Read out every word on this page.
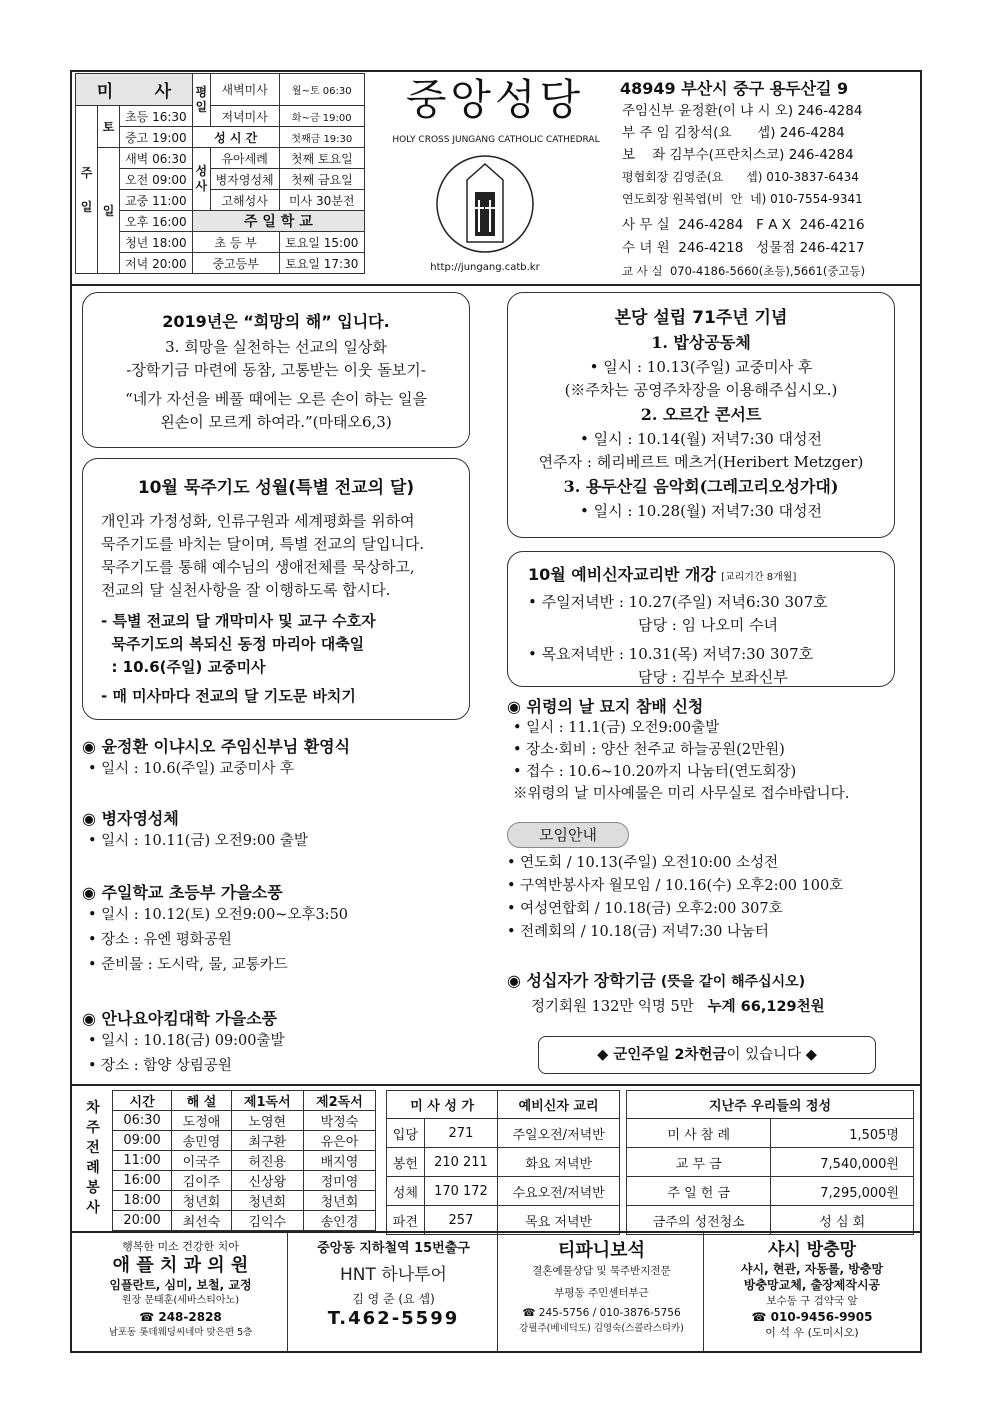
미 사			평일	새벽미사	월~토 06:30
주일	토	초등 16:30		저녁미사	화~금 19:00
		중고 19:00	성 시 간		첫째금 19:30
	일	새벽 06:30	성사	유아세례	첫째 토요일
		오전 09:00		병자영성체	첫째 금요일
		교중 11:00		고해성사	미사 30분전
		오후 16:00	주 일 학 교		
		청년 18:00	초 등 부		토요일 15:00
		저녁 20:00	중고등부		토요일 17:30
중앙성당
HOLY CROSS JUNGANG CATHOLIC CATHEDRAL
http://jungang.catb.kr
48949 부산시 중구 용두산길 9
주임신부 윤정환(이 냐 시 오) 246-4284
부 주 임 김창석(요      셉) 246-4284
보    좌 김부수(프란치스코) 246-4284
평협회장 김영준(요      셉) 010-3837-6434
연도회장 원복엽(비  안  네) 010-7554-9341
사 무 실  246-4284   F A X  246-4216
수 녀 원  246-4218   성물점 246-4217
교 사 실  070-4186-5660(초등),5661(중고등)
2019년은 “희망의 해” 입니다.
3. 희망을 실천하는 선교의 일상화
-장학기금 마련에 동참, 고통받는 이웃 돌보기-
“네가 자선을 베풀 때에는 오른 손이 하는 일을
왼손이 모르게 하여라.”(마태오6,3)
10월 묵주기도 성월(특별 전교의 달)
개인과 가정성화, 인류구원과 세계평화를 위하여
묵주기도를 바치는 달이며, 특별 전교의 달입니다.
묵주기도를 통해 예수님의 생애전체를 묵상하고,
전교의 달 실천사항을 잘 이행하도록 합시다.
- 특별 전교의 달 개막미사 및 교구 수호자
묵주기도의 복되신 동정 마리아 대축일
: 10.6(주일) 교중미사
- 매 미사마다 전교의 달 기도문 바치기
본당 설립 71주년 기념
1. 밥상공동체
• 일시 : 10.13(주일) 교중미사 후
(※주차는 공영주차장을 이용해주십시오.)
2. 오르간 콘서트
• 일시 : 10.14(월) 저녁7:30 대성전
연주자 : 헤리베르트 메츠거(Heribert Metzger)
3. 용두산길 음악회(그레고리오성가대)
• 일시 : 10.28(월) 저녁7:30 대성전
10월 예비신자교리반 개강 [교리기간 8개월]
• 주일저녁반 : 10.27(주일) 저녁6:30 307호
담당 : 임 나오미 수녀
• 목요저녁반 : 10.31(목) 저녁7:30 307호
담당 : 김부수 보좌신부
◉ 윤정환 이냐시오 주임신부님 환영식
• 일시 : 10.6(주일) 교중미사 후
◉ 병자영성체
• 일시 : 10.11(금) 오전9:00 출발
◉ 주일학교 초등부 가을소풍
• 일시 : 10.12(토) 오전9:00~오후3:50
• 장소 : 유엔 평화공원
• 준비물 : 도시락, 물, 교통카드
◉ 안나요아킴대학 가을소풍
• 일시 : 10.18(금) 09:00출발
• 장소 : 함양 상림공원
◉ 위령의 날 묘지 참배 신청
• 일시 : 11.1(금) 오전9:00출발
• 장소·회비 : 양산 천주교 하늘공원(2만원)
• 접수 : 10.6~10.20까지 나눔터(연도회장)
※위령의 날 미사예물은 미리 사무실로 접수바랍니다.
모임안내
• 연도회 / 10.13(주일) 오전10:00 소성전
• 구역반봉사자 월모임 / 10.16(수) 오후2:00 100호
• 여성연합회 / 10.18(금) 오후2:00 307호
• 전례회의 / 10.18(금) 저녁7:30 나눔터
◉ 성십자가 장학기금 (뜻을 같이 해주십시오)
정기회원 132만 익명 5만 누계 66,129천원
◆ 군인주일 2차헌금이 있습니다 ◆
차주전례봉사
시간	해 설	제1독서	제2독서
06:30	도정애	노영현	박정숙
09:00	송민영	최구환	유은아
11:00	이국주	허진용	배지영
16:00	김이주	신상왕	정미영
18:00	청년회	청년회	청년회
20:00	최선숙	김익수	송인경
미 사 성 가		예비신자 교리
입당	271	주일오전/저녁반
봉헌	210 211	화요 저녁반
성체	170 172	수요오전/저녁반
파견	257	목요 저녁반
지난주 우리들의 정성	
미 사 참 례	1,505명
교 무 금	7,540,000원
주 일 헌 금	7,295,000원
금주의 성전청소	성 심 회
행복한 미소 건강한 치아
애 플 치 과 의 원
임플란트, 심미, 보철, 교정
원장 문태훈(세바스티아노)
☎ 248-2828
남포동 롯데웨딩씨네마 맞은편 5층
중앙동 지하철역 15번출구
HNT 하나투어
김 영 준 (요 셉)
T.462-5599
티파니보석
결혼예물상담 및 묵주반지전문
부평동 주민센터부근
☎ 245-5756 / 010-3876-5756
강필주(베네딕도) 김영숙(스콜라스티카)
샤시 방충망
샤시, 현관, 자동롤, 방충망
방충망교체, 출장제작시공
보수동 구 검약국 앞
☎ 010-9456-9905
이 석 우 (도미시오)
